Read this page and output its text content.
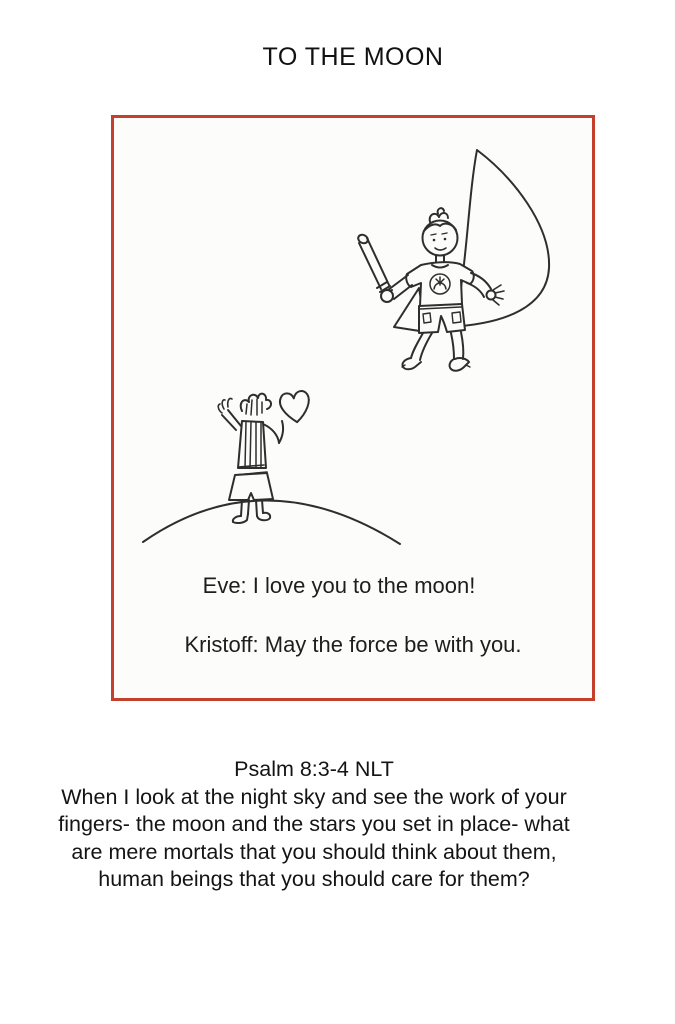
TO THE MOON
Eve: I love you to the moon!
Kristoff: May the force be with you.
Psalm 8:3-4 NLT
When I look at the night sky and see the work of your
fingers- the moon and the stars you set in place- what
are mere mortals that you should think about them,
human beings that you should care for them?
